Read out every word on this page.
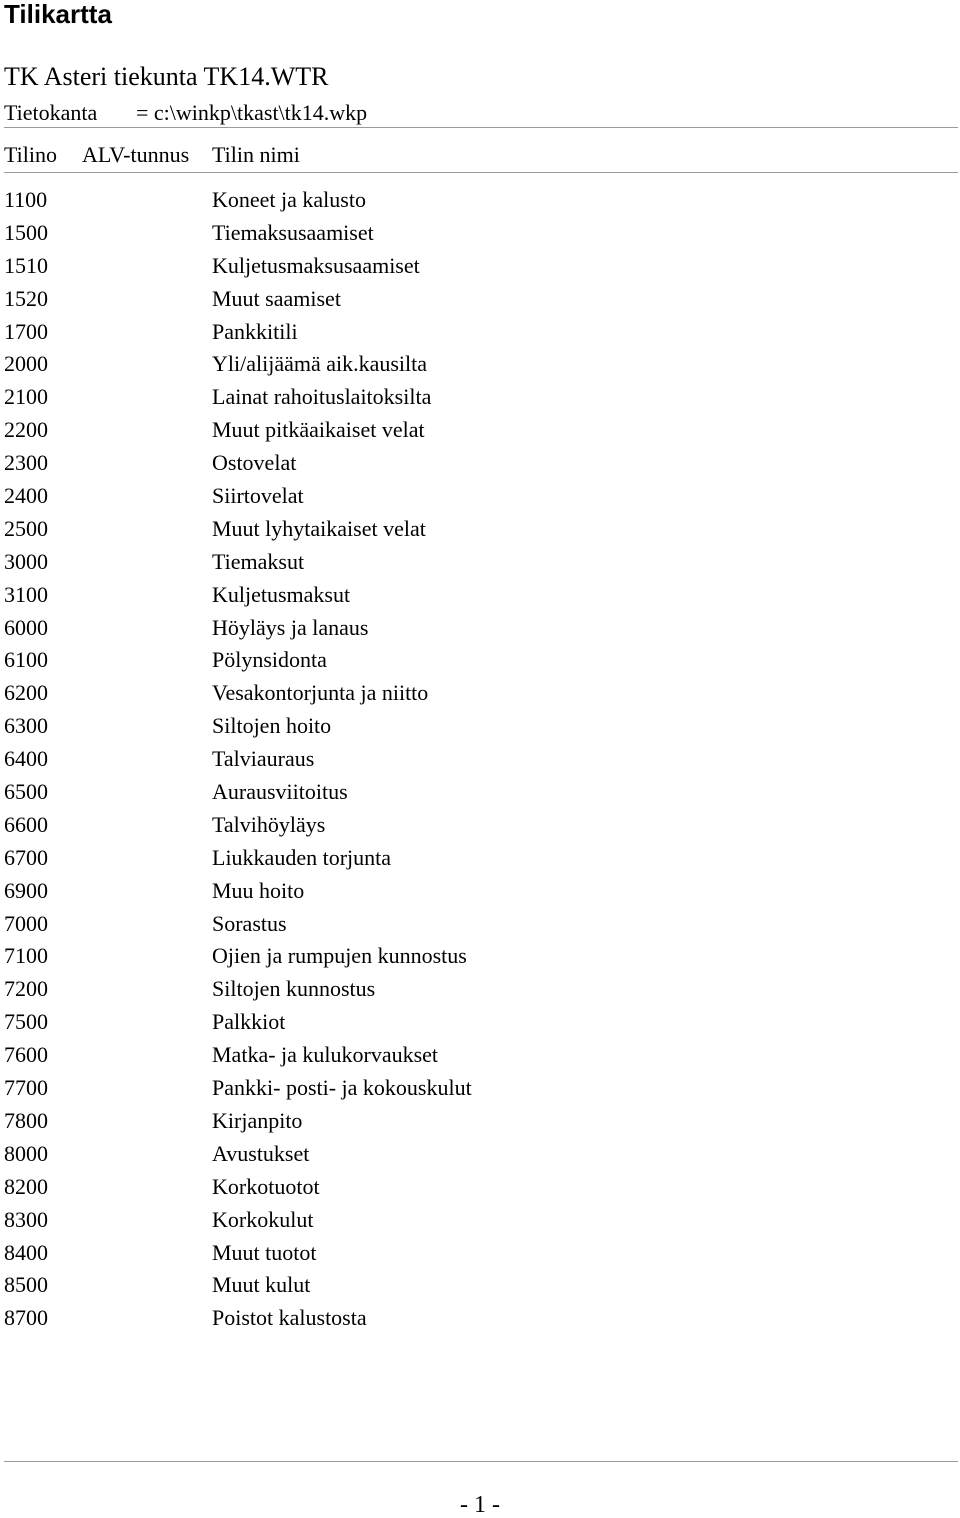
Tilikartta
TK Asteri tiekunta TK14.WTR
Tietokanta = c:\winkp\tkast\tk14.wkp
Tilino ALV-tunnus Tilin nimi
1100	Koneet ja kalusto
1500	Tiemaksusaamiset
1510	Kuljetusmaksusaamiset
1520	Muut saamiset
1700	Pankkitili
2000	Yli/alijäämä aik.kausilta
2100	Lainat rahoituslaitoksilta
2200	Muut pitkäaikaiset velat
2300	Ostovelat
2400	Siirtovelat
2500	Muut lyhytaikaiset velat
3000	Tiemaksut
3100	Kuljetusmaksut
6000	Höyläys ja lanaus
6100	Pölynsidonta
6200	Vesakontorjunta ja niitto
6300	Siltojen hoito
6400	Talviauraus
6500	Aurausviitoitus
6600	Talvihöyläys
6700	Liukkauden torjunta
6900	Muu hoito
7000	Sorastus
7100	Ojien ja rumpujen kunnostus
7200	Siltojen kunnostus
7500	Palkkiot
7600	Matka- ja kulukorvaukset
7700	Pankki- posti- ja kokouskulut
7800	Kirjanpito
8000	Avustukset
8200	Korkotuotot
8300	Korkokulut
8400	Muut tuotot
8500	Muut kulut
8700	Poistot kalustosta
- 1 -
